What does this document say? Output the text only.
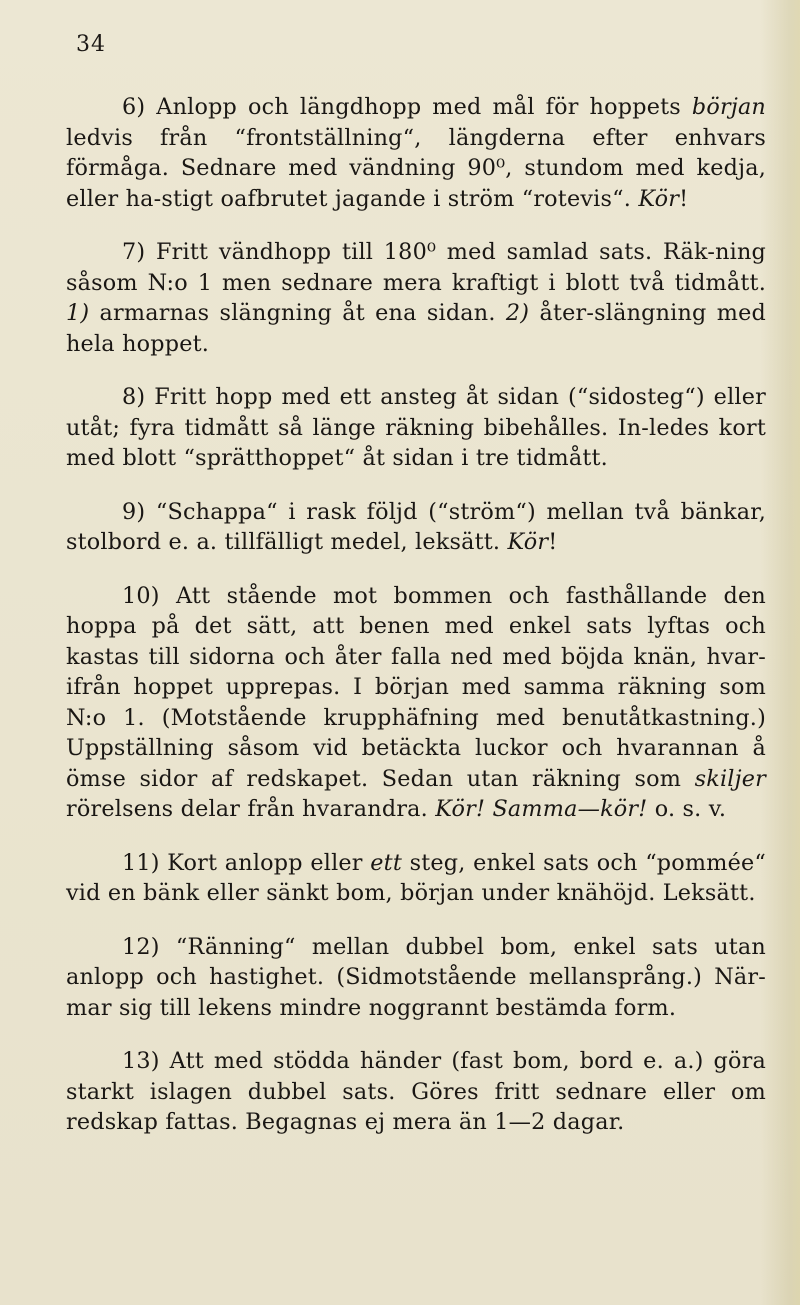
34

6) Anlopp och längdhopp med mål för hoppets början ledvis från “frontställning“, längderna efter enhvars förmåga. Sednare med vändning 90⁰, stundom med kedja, eller ha-stigt oafbrutet jagande i ström “rotevis“. Kör!

7) Fritt vändhopp till 180⁰ med samlad sats. Räk-ning såsom N:o 1 men sednare mera kraftigt i blott två tidmått. 1) armarnas slängning åt ena sidan. 2) åter-slängning med hela hoppet.

8) Fritt hopp med ett ansteg åt sidan (“sidosteg“) eller utåt; fyra tidmått så länge räkning bibehålles. In-ledes kort med blott “sprätthoppet“ åt sidan i tre tidmått.

9) “Schappa“ i rask följd (“ström“) mellan två bänkar, stolbord e. a. tillfälligt medel, leksätt. Kör!

10) Att stående mot bommen och fasthållande den hoppa på det sätt, att benen med enkel sats lyftas och kastas till sidorna och åter falla ned med böjda knän, hvar-ifrån hoppet upprepas. I början med samma räkning som N:o 1. (Motstående krupphäfning med benutåtkastning.) Uppställning såsom vid betäckta luckor och hvarannan å ömse sidor af redskapet. Sedan utan räkning som skiljer rörelsens delar från hvarandra. Kör! Samma—kör! o. s. v.

11) Kort anlopp eller ett steg, enkel sats och “pommée“ vid en bänk eller sänkt bom, början under knähöjd. Leksätt.

12) “Ränning“ mellan dubbel bom, enkel sats utan anlopp och hastighet. (Sidmotstående mellansprång.) När-mar sig till lekens mindre noggrannt bestämda form.

13) Att med stödda händer (fast bom, bord e. a.) göra starkt islagen dubbel sats. Göres fritt sednare eller om redskap fattas. Begagnas ej mera än 1—2 dagar.
